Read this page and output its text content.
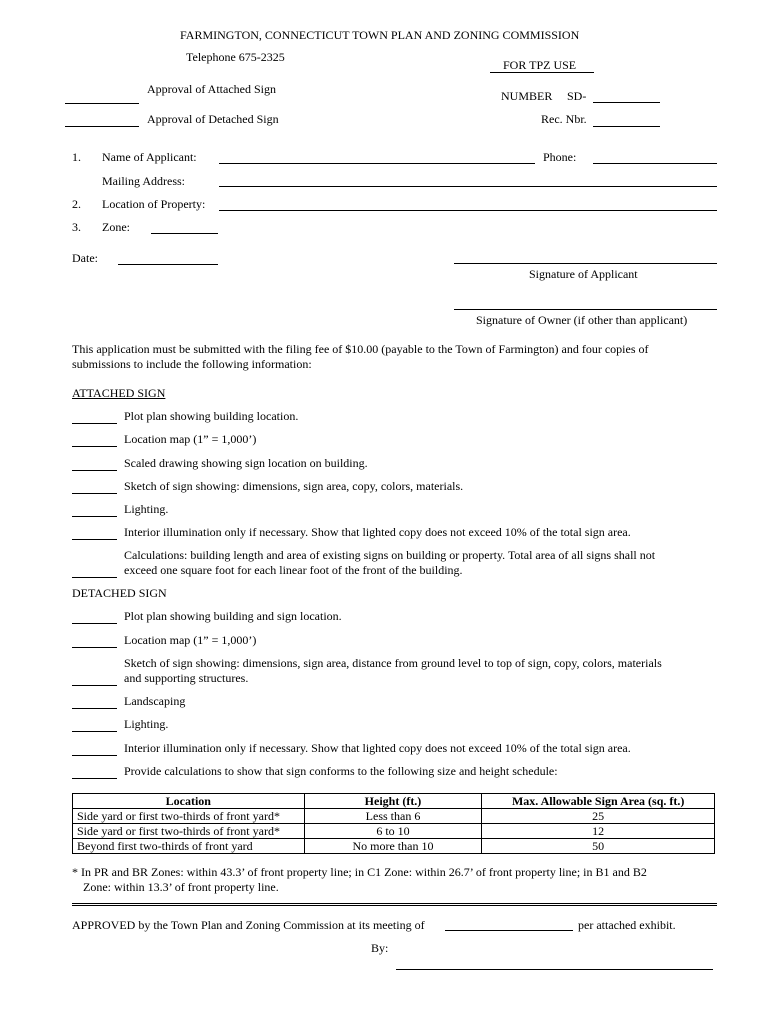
FARMINGTON, CONNECTICUT TOWN PLAN AND ZONING COMMISSION
Telephone 675-2325
FOR TPZ USE
Approval of Attached Sign	NUMBER SD-
Approval of Detached Sign	Rec. Nbr.
1. Name of Applicant:	Phone:
Mailing Address:
2. Location of Property:
3. Zone:
Date:
Signature of Applicant
Signature of Owner (if other than applicant)
This application must be submitted with the filing fee of $10.00 (payable to the Town of Farmington) and four copies of
submissions to include the following information:
ATTACHED SIGN
Plot plan showing building location.
Location map (1” = 1,000’)
Scaled drawing showing sign location on building.
Sketch of sign showing: dimensions, sign area, copy, colors, materials.
Lighting.
Interior illumination only if necessary. Show that lighted copy does not exceed 10% of the total sign area.
Calculations: building length and area of existing signs on building or property. Total area of all signs shall not
exceed one square foot for each linear foot of the front of the building.
DETACHED SIGN
Plot plan showing building and sign location.
Location map (1” = 1,000’)
Sketch of sign showing: dimensions, sign area, distance from ground level to top of sign, copy, colors, materials
and supporting structures.
Landscaping
Lighting.
Interior illumination only if necessary. Show that lighted copy does not exceed 10% of the total sign area.
Provide calculations to show that sign conforms to the following size and height schedule:
Location	Height (ft.)	Max. Allowable Sign Area (sq. ft.)
Side yard or first two-thirds of front yard*	Less than 6	25
Side yard or first two-thirds of front yard*	6 to 10	12
Beyond first two-thirds of front yard	No more than 10	50
* In PR and BR Zones: within 43.3’ of front property line; in C1 Zone: within 26.7’ of front property line; in B1 and B2
Zone: within 13.3’ of front property line.
APPROVED by the Town Plan and Zoning Commission at its meeting of	per attached exhibit.
By:
